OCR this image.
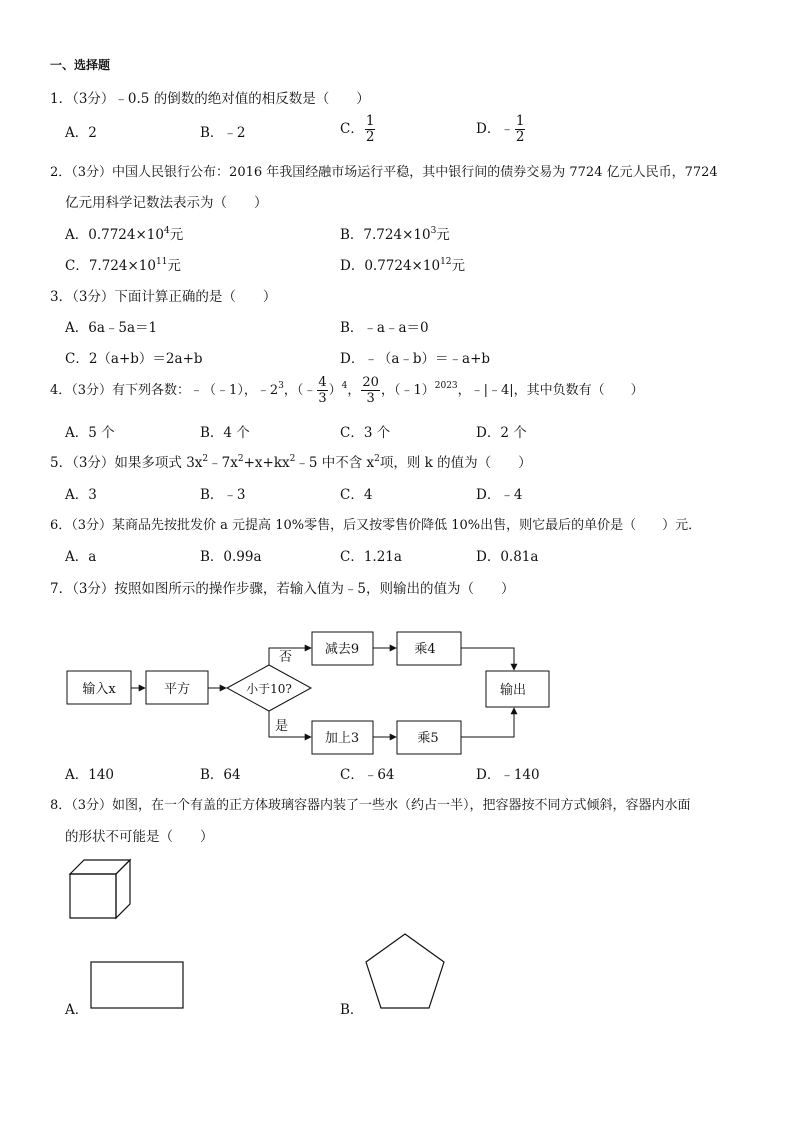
一、选择题
1．（3分）﹣0.5 的倒数的绝对值的相反数是（　　）
A．2	B．﹣2	C． $\frac{1}{2}$	D．﹣ $\frac{1}{2}$
2．（3分）中国人民银行公布：2016 年我国经融市场运行平稳，其中银行间的债券交易为 7724 亿元人民币，7724
亿元用科学记数法表示为（　　）
A．$0.7724\times 10^4$元	B．$7.724\times 10^3$元
C．$7.724\times 10^{11}$元	D．$0.7724\times 10^{12}$元
3．（3分）下面计算正确的是（　　）
A．6a﹣5a＝1	B．﹣a﹣a＝0
C．2（a+b）＝2a+b	D．﹣（a﹣b）＝﹣a+b
4．（3分）有下列各数：﹣（﹣1），$﹣2^3$，（﹣ $\frac{4}{3} )^4$， $\frac{20}{3}$ ，（﹣1）$^{2023}$，﹣|﹣4|，其中负数有（　　）
A．5 个	B．4 个	C．3 个	D．2 个
5．（3分）如果多项式 $3x^2﹣7x^2+x+kx^2﹣5$ 中不含 $x^2$项，则 k 的值为（　　）
A．3	B．﹣3	C．4	D．﹣4
6．（3分）某商品先按批发价 a 元提高 10%零售，后又按零售价降低 10%出售，则它最后的单价是（　　）元．
A．a	B．0.99a	C．1.21a	D．0.81a
7．（3分）按照如图所示的操作步骤，若输入值为﹣5，则输出的值为（　　）
输入x	平方	小于10?
否
是
减去9	乘4
加上3	乘5
输出
A．140	B．64	C．﹣64	D．﹣140
8．（3分）如图，在一个有盖的正方体玻璃容器内装了一些水（约占一半），把容器按不同方式倾斜，容器内水面
的形状不可能是（　　）
A．	B．
